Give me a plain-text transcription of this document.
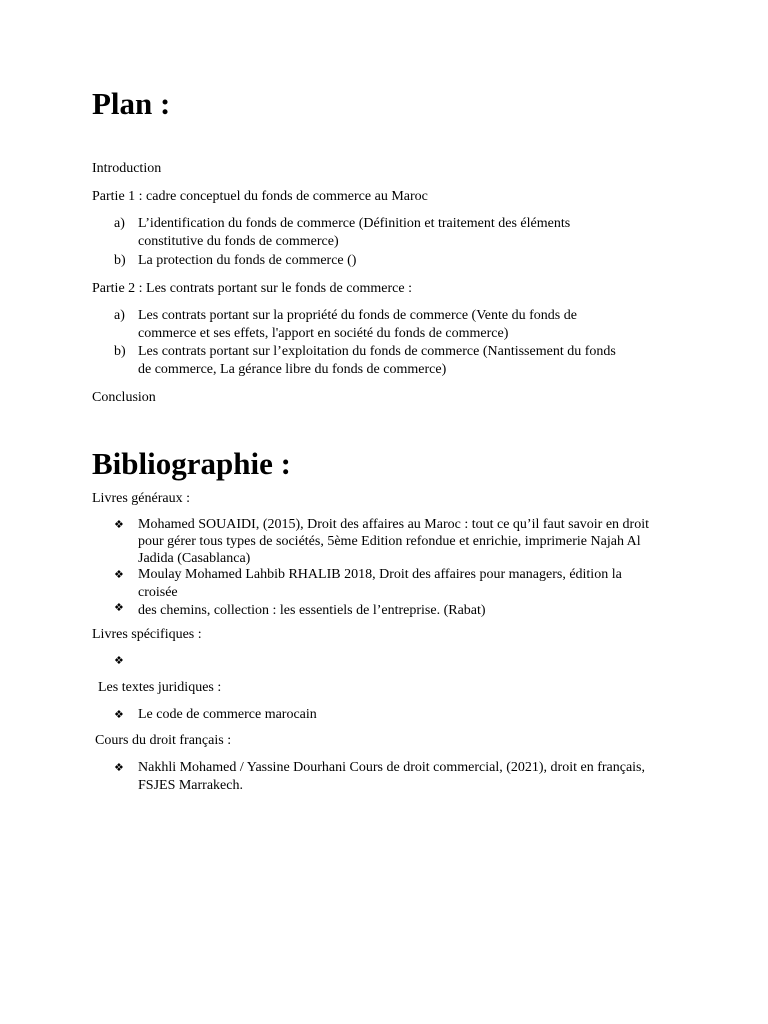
Plan :

Introduction

Partie 1 : cadre conceptuel du fonds de commerce au Maroc

a) L’identification du fonds de commerce (Définition et traitement des éléments
constitutive du fonds de commerce)
b) La protection du fonds de commerce ()

Partie 2 : Les contrats portant sur le fonds de commerce :

a) Les contrats portant sur la propriété du fonds de commerce (Vente du fonds de
commerce et ses effets, l'apport en société du fonds de commerce)
b) Les contrats portant sur l’exploitation du fonds de commerce (Nantissement du fonds
de commerce, La gérance libre du fonds de commerce)

Conclusion

Bibliographie :

Livres généraux :

❖ Mohamed SOUAIDI, (2015), Droit des affaires au Maroc : tout ce qu’il faut savoir en droit
pour gérer tous types de sociétés, 5ème Edition refondue et enrichie, imprimerie Najah Al
Jadida (Casablanca)
❖ Moulay Mohamed Lahbib RHALIB 2018, Droit des affaires pour managers, édition la croisée
des chemins, collection : les essentiels de l’entreprise. (Rabat)
❖

Livres spécifiques :

❖

Les textes juridiques :

❖ Le code de commerce marocain

Cours du droit français :

❖ Nakhli Mohamed / Yassine Dourhani Cours de droit commercial, (2021), droit en français,
FSJES Marrakech.
